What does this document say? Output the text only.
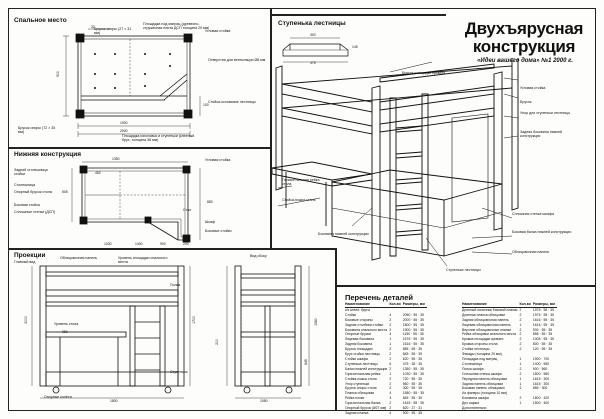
Двухъярусная конструкция
«Идеи вашего дома» №1 2000 г.
Спальное место	Ступенька лестницы
Нижняя конструкция
Проекции
Главный вид
Вид сбоку
Перечень деталей
1900
2000
900
100
32 Брусок опоры (27 × 31 мм)
Площадка под матрац (древесно-стружечная плита ДСП толщина 20 мм)
Угловая стойка
Отверстия для вентиляции Ø8 мм
Стойка-основание лестницы
Площадка изголовья и ступеньки (клееный брус, толщина 36 мм)
Брусок опоры (72 × 35 мм)
1350
880
505
450
900	200
1030	1400
Угловая стойка
Задний столешница стойки
Столешница
Опорный брусок стола
Боковая стойка
Сплошные стенки (ДСП)
Шкаф
Боковые стойки
Стол
475
300
145
Брусок площадки кровати
Угловая стойка
Брусок
Упор для ступеньки лестницы
Задняя боковина нижней конструкции
Горизонтальная рейка стола
Стойка-ножка стола
Боковина нижней конструкции
Сплошная стенка шкафа
Боковая балка нижней конструкции
Облицовочная панель
Ступенька лестницы
2000	1700
1800
950
1050
845
1580
210
Облицовочная панель	Уровень площадки спального места
Уровень стола
Полка
Ступенька
Опорные колёса
Наименование	Кол-во	Размеры, мм
Из клеев. бруса		
Стойки	4	2050 · 55 · 35
Боковые стороны	2	2000 · 55 · 35
Задние столбики стойки	2	1800 · 55 · 35
Боковина спального места	2	1900 · 55 · 35
Опорные бруски	4	1150 · 55 · 35
Лицевая боковина	1	1576 · 55 · 35
Задняя боковина	1	1616 · 55 · 35
Брусок площадки	2	885 · 55 · 35
Брус стойки лестницы	2	845 · 55 · 35
Стойки шкафа	2	620 · 55 · 35
Ступенька лестницы	6	475 · 35 · 35
Балки нижней конструкции	2	1350 · 55 · 35
Горизонтальная рейка	1	1030 · 55 · 35
Стойка-ножка стола	2	720 · 55 · 35
Упор ступеньки	2	560 · 55 · 35
Брусок опоры стола	2	300 · 55 · 35
Планка облицовки	4	1580 · 55 · 35
Рейка полки	3	845 · 55 · 35
Горизонтальная балка	2	1615 · 55 · 35
Опорный брусок (Ø27 мм)	2	820 · 27 · 31
Задняя планка	4	900 · 55 · 35
Наименование	Кол-во	Размеры, мм
Длинный наличник боковой планки	2	1976 · 55 · 35
Длинная планка облицовки	2	1976 · 55 · 35
Задняя облицовочная панель	2	1616 · 55 · 35
Лицевая облицовочная панель	1	1616 · 55 · 35
Верхние облицовочные планки	2	900 · 55 · 35
Рейка облицовки спального места	2	858 · 55 · 35
Кромка площадки кровати	2	1005 · 55 · 35
Кромка стороны стола	2	800 · 55 · 35
Стойка лестницы	2	120 · 55 · 35
Фасады (толщина 20 мм)		
Площадка под матрац	1	1900 · 700
Столешница	1	1400 · 550
Полка шкафа	2	900 · 560
Сплошная стенка шкафа	2	1800 · 560
Передняя панель облицовки	1	1615 · 300
Задняя панель облицовки	1	1615 · 300
Боковая панель облицовки	2	855 · 300
Из фанеры (толщина 10 мм)		
Боковина шкафа	2	1800 · 420
Дно ящика	1	1500 · 400
Дополнительно		
